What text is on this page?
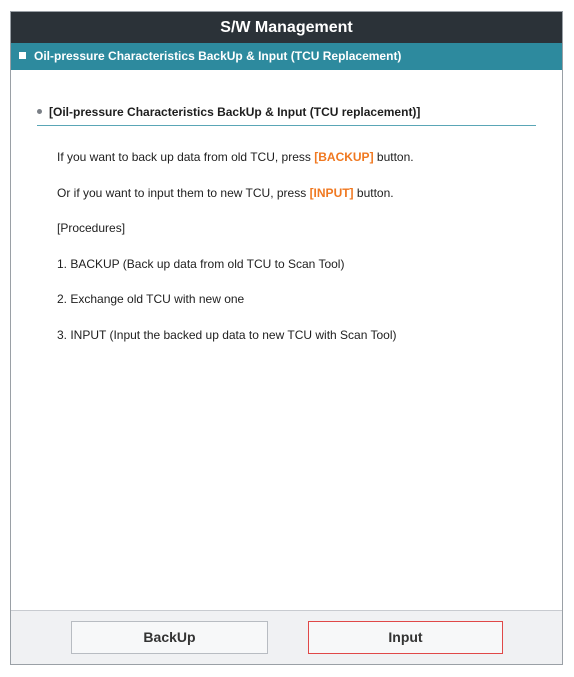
S/W Management
Oil-pressure Characteristics BackUp & Input (TCU Replacement)
[Oil-pressure Characteristics BackUp & Input (TCU replacement)]
If you want to back up data from old TCU, press [BACKUP] button.
Or if you want to input them to new TCU, press [INPUT] button.
[Procedures]
1. BACKUP (Back up data from old TCU to Scan Tool)
2. Exchange old TCU with new one
3. INPUT (Input the backed up data to new TCU with Scan Tool)
BackUp	Input
